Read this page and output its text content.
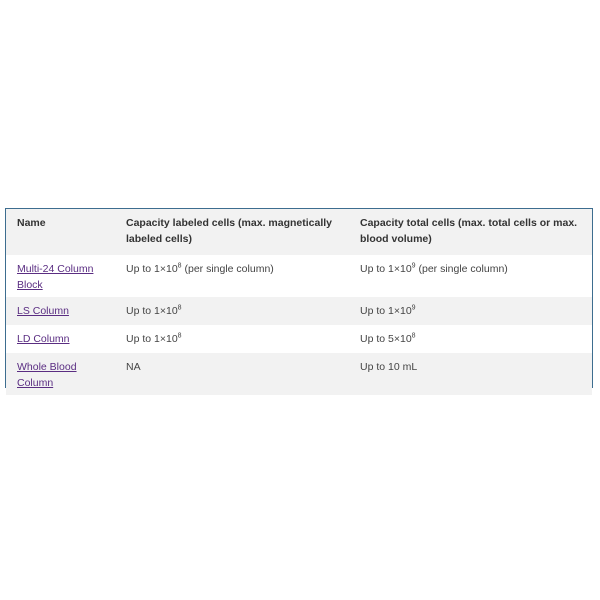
Name	Capacity labeled cells (max. magnetically labeled cells)	Capacity total cells (max. total cells or max. blood volume)
Multi-24 Column Block	Up to $1\times 10^8$ (per single column)	Up to $1\times 10^9$ (per single column)
LS Column	Up to $1\times 10^8$	Up to $1\times 10^9$
LD Column	Up to $1\times 10^8$	Up to $5\times 10^8$
Whole Blood Column	NA	Up to 10 mL
